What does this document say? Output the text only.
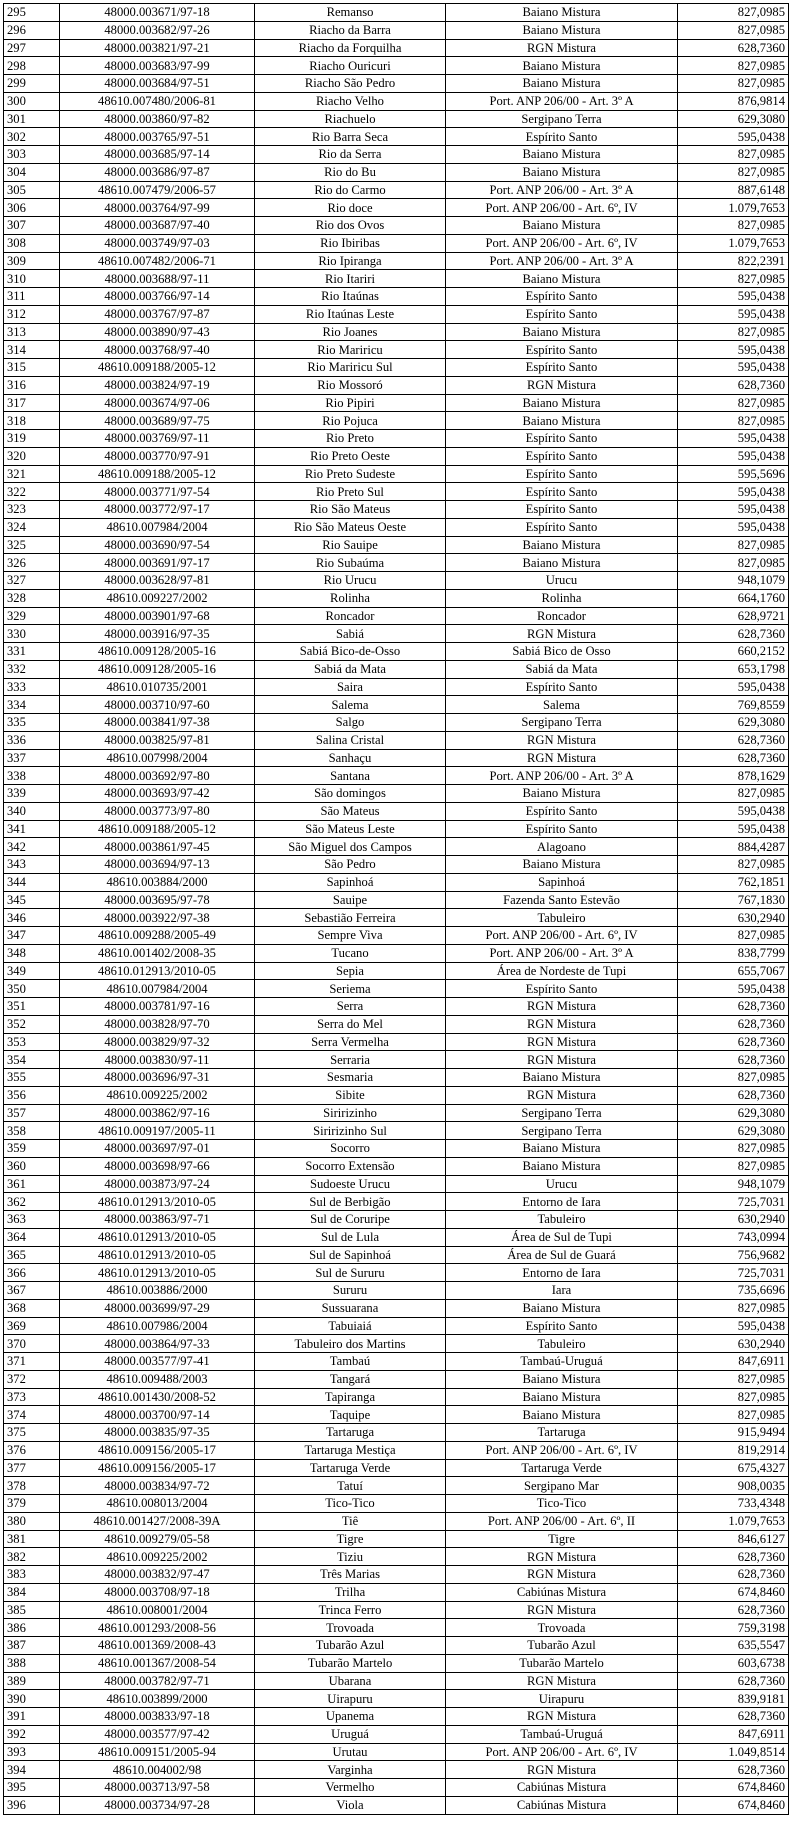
295	48000.003671/97-18	Remanso	Baiano Mistura	827,0985
296	48000.003682/97-26	Riacho da Barra	Baiano Mistura	827,0985
297	48000.003821/97-21	Riacho da Forquilha	RGN Mistura	628,7360
298	48000.003683/97-99	Riacho Ouricuri	Baiano Mistura	827,0985
299	48000.003684/97-51	Riacho São Pedro	Baiano Mistura	827,0985
300	48610.007480/2006-81	Riacho Velho	Port. ANP 206/00 - Art. 3º A	876,9814
301	48000.003860/97-82	Riachuelo	Sergipano Terra	629,3080
302	48000.003765/97-51	Rio Barra Seca	Espírito Santo	595,0438
303	48000.003685/97-14	Rio da Serra	Baiano Mistura	827,0985
304	48000.003686/97-87	Rio do Bu	Baiano Mistura	827,0985
305	48610.007479/2006-57	Rio do Carmo	Port. ANP 206/00 - Art. 3º A	887,6148
306	48000.003764/97-99	Rio doce	Port. ANP 206/00 - Art. 6º, IV	1.079,7653
307	48000.003687/97-40	Rio dos Ovos	Baiano Mistura	827,0985
308	48000.003749/97-03	Rio Ibiribas	Port. ANP 206/00 - Art. 6º, IV	1.079,7653
309	48610.007482/2006-71	Rio Ipiranga	Port. ANP 206/00 - Art. 3º A	822,2391
310	48000.003688/97-11	Rio Itariri	Baiano Mistura	827,0985
311	48000.003766/97-14	Rio Itaúnas	Espírito Santo	595,0438
312	48000.003767/97-87	Rio Itaúnas Leste	Espírito Santo	595,0438
313	48000.003890/97-43	Rio Joanes	Baiano Mistura	827,0985
314	48000.003768/97-40	Rio Mariricu	Espírito Santo	595,0438
315	48610.009188/2005-12	Rio Mariricu Sul	Espírito Santo	595,0438
316	48000.003824/97-19	Rio Mossoró	RGN Mistura	628,7360
317	48000.003674/97-06	Rio Pipiri	Baiano Mistura	827,0985
318	48000.003689/97-75	Rio Pojuca	Baiano Mistura	827,0985
319	48000.003769/97-11	Rio Preto	Espírito Santo	595,0438
320	48000.003770/97-91	Rio Preto Oeste	Espírito Santo	595,0438
321	48610.009188/2005-12	Rio Preto Sudeste	Espírito Santo	595,5696
322	48000.003771/97-54	Rio Preto Sul	Espírito Santo	595,0438
323	48000.003772/97-17	Rio São Mateus	Espírito Santo	595,0438
324	48610.007984/2004	Rio São Mateus Oeste	Espírito Santo	595,0438
325	48000.003690/97-54	Rio Sauipe	Baiano Mistura	827,0985
326	48000.003691/97-17	Rio Subaúma	Baiano Mistura	827,0985
327	48000.003628/97-81	Rio Urucu	Urucu	948,1079
328	48610.009227/2002	Rolinha	Rolinha	664,1760
329	48000.003901/97-68	Roncador	Roncador	628,9721
330	48000.003916/97-35	Sabiá	RGN Mistura	628,7360
331	48610.009128/2005-16	Sabiá Bico-de-Osso	Sabiá Bico de Osso	660,2152
332	48610.009128/2005-16	Sabiá da Mata	Sabiá da Mata	653,1798
333	48610.010735/2001	Saira	Espírito Santo	595,0438
334	48000.003710/97-60	Salema	Salema	769,8559
335	48000.003841/97-38	Salgo	Sergipano Terra	629,3080
336	48000.003825/97-81	Salina Cristal	RGN Mistura	628,7360
337	48610.007998/2004	Sanhaçu	RGN Mistura	628,7360
338	48000.003692/97-80	Santana	Port. ANP 206/00 - Art. 3º A	878,1629
339	48000.003693/97-42	São domingos	Baiano Mistura	827,0985
340	48000.003773/97-80	São Mateus	Espírito Santo	595,0438
341	48610.009188/2005-12	São Mateus Leste	Espírito Santo	595,0438
342	48000.003861/97-45	São Miguel dos Campos	Alagoano	884,4287
343	48000.003694/97-13	São Pedro	Baiano Mistura	827,0985
344	48610.003884/2000	Sapinhoá	Sapinhoá	762,1851
345	48000.003695/97-78	Sauipe	Fazenda Santo Estevão	767,1830
346	48000.003922/97-38	Sebastião Ferreira	Tabuleiro	630,2940
347	48610.009288/2005-49	Sempre Viva	Port. ANP 206/00 - Art. 6º, IV	827,0985
348	48610.001402/2008-35	Tucano	Port. ANP 206/00 - Art. 3º A	838,7799
349	48610.012913/2010-05	Sepia	Área de Nordeste de Tupi	655,7067
350	48610.007984/2004	Seriema	Espírito Santo	595,0438
351	48000.003781/97-16	Serra	RGN Mistura	628,7360
352	48000.003828/97-70	Serra do Mel	RGN Mistura	628,7360
353	48000.003829/97-32	Serra Vermelha	RGN Mistura	628,7360
354	48000.003830/97-11	Serraria	RGN Mistura	628,7360
355	48000.003696/97-31	Sesmaria	Baiano Mistura	827,0985
356	48610.009225/2002	Sibite	RGN Mistura	628,7360
357	48000.003862/97-16	Siririzinho	Sergipano Terra	629,3080
358	48610.009197/2005-11	Siririzinho Sul	Sergipano Terra	629,3080
359	48000.003697/97-01	Socorro	Baiano Mistura	827,0985
360	48000.003698/97-66	Socorro Extensão	Baiano Mistura	827,0985
361	48000.003873/97-24	Sudoeste Urucu	Urucu	948,1079
362	48610.012913/2010-05	Sul de Berbigão	Entorno de Iara	725,7031
363	48000.003863/97-71	Sul de Coruripe	Tabuleiro	630,2940
364	48610.012913/2010-05	Sul de Lula	Área de Sul de Tupi	743,0994
365	48610.012913/2010-05	Sul de Sapinhoá	Área de Sul de Guará	756,9682
366	48610.012913/2010-05	Sul de Sururu	Entorno de Iara	725,7031
367	48610.003886/2000	Sururu	Iara	735,6696
368	48000.003699/97-29	Sussuarana	Baiano Mistura	827,0985
369	48610.007986/2004	Tabuiaiá	Espírito Santo	595,0438
370	48000.003864/97-33	Tabuleiro dos Martins	Tabuleiro	630,2940
371	48000.003577/97-41	Tambaú	Tambaú-Uruguá	847,6911
372	48610.009488/2003	Tangará	Baiano Mistura	827,0985
373	48610.001430/2008-52	Tapiranga	Baiano Mistura	827,0985
374	48000.003700/97-14	Taquipe	Baiano Mistura	827,0985
375	48000.003835/97-35	Tartaruga	Tartaruga	915,9494
376	48610.009156/2005-17	Tartaruga Mestiça	Port. ANP 206/00 - Art. 6º, IV	819,2914
377	48610.009156/2005-17	Tartaruga Verde	Tartaruga Verde	675,4327
378	48000.003834/97-72	Tatuí	Sergipano Mar	908,0035
379	48610.008013/2004	Tico-Tico	Tico-Tico	733,4348
380	48610.001427/2008-39A	Tiê	Port. ANP 206/00 - Art. 6º, II	1.079,7653
381	48610.009279/05-58	Tigre	Tigre	846,6127
382	48610.009225/2002	Tiziu	RGN Mistura	628,7360
383	48000.003832/97-47	Três Marias	RGN Mistura	628,7360
384	48000.003708/97-18	Trilha	Cabiúnas Mistura	674,8460
385	48610.008001/2004	Trinca Ferro	RGN Mistura	628,7360
386	48610.001293/2008-56	Trovoada	Trovoada	759,3198
387	48610.001369/2008-43	Tubarão Azul	Tubarão Azul	635,5547
388	48610.001367/2008-54	Tubarão Martelo	Tubarão Martelo	603,6738
389	48000.003782/97-71	Ubarana	RGN Mistura	628,7360
390	48610.003899/2000	Uirapuru	Uirapuru	839,9181
391	48000.003833/97-18	Upanema	RGN Mistura	628,7360
392	48000.003577/97-42	Uruguá	Tambaú-Uruguá	847,6911
393	48610.009151/2005-94	Urutau	Port. ANP 206/00 - Art. 6º, IV	1.049,8514
394	48610.004002/98	Varginha	RGN Mistura	628,7360
395	48000.003713/97-58	Vermelho	Cabiúnas Mistura	674,8460
396	48000.003734/97-28	Viola	Cabiúnas Mistura	674,8460
